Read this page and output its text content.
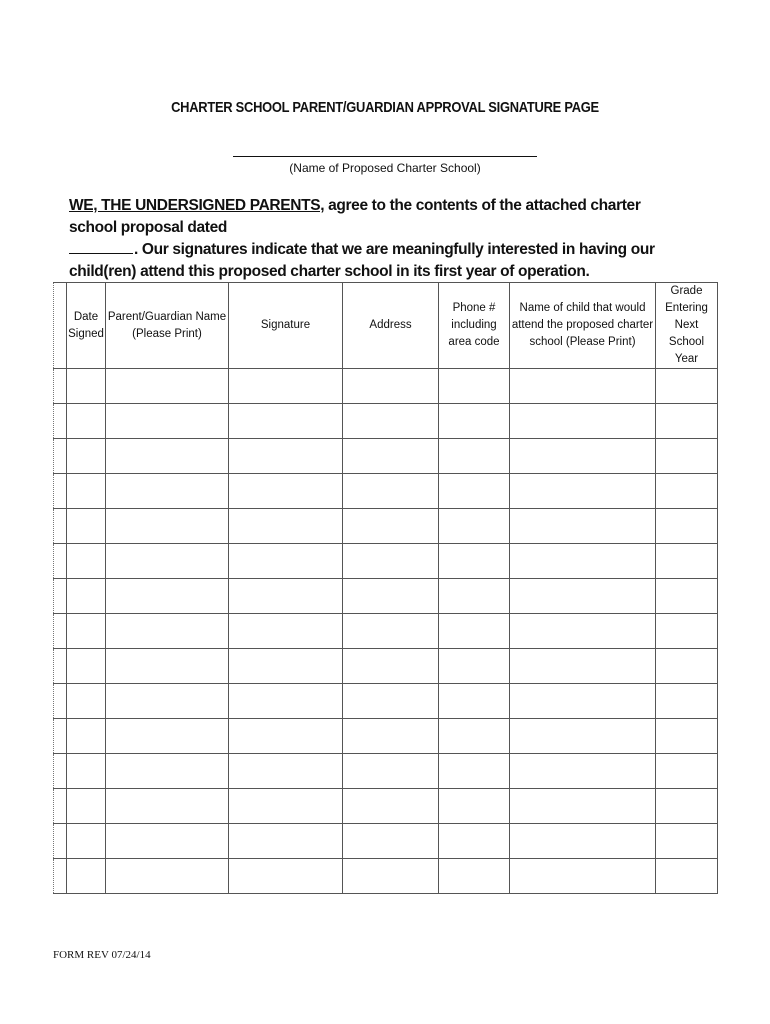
CHARTER SCHOOL PARENT/GUARDIAN APPROVAL SIGNATURE PAGE
(Name of Proposed Charter School)
WE, THE UNDERSIGNED PARENTS, agree to the contents of the attached charter school proposal dated
. Our signatures indicate that we are meaningfully interested in having our child(ren) attend this proposed charter school in its first year of operation.
	Date Signed	Parent/Guardian Name (Please Print)	Signature	Address	Phone # including area code	Name of child that would attend the proposed charter school (Please Print)	Grade Entering Next School Year

FORM REV 07/24/14
